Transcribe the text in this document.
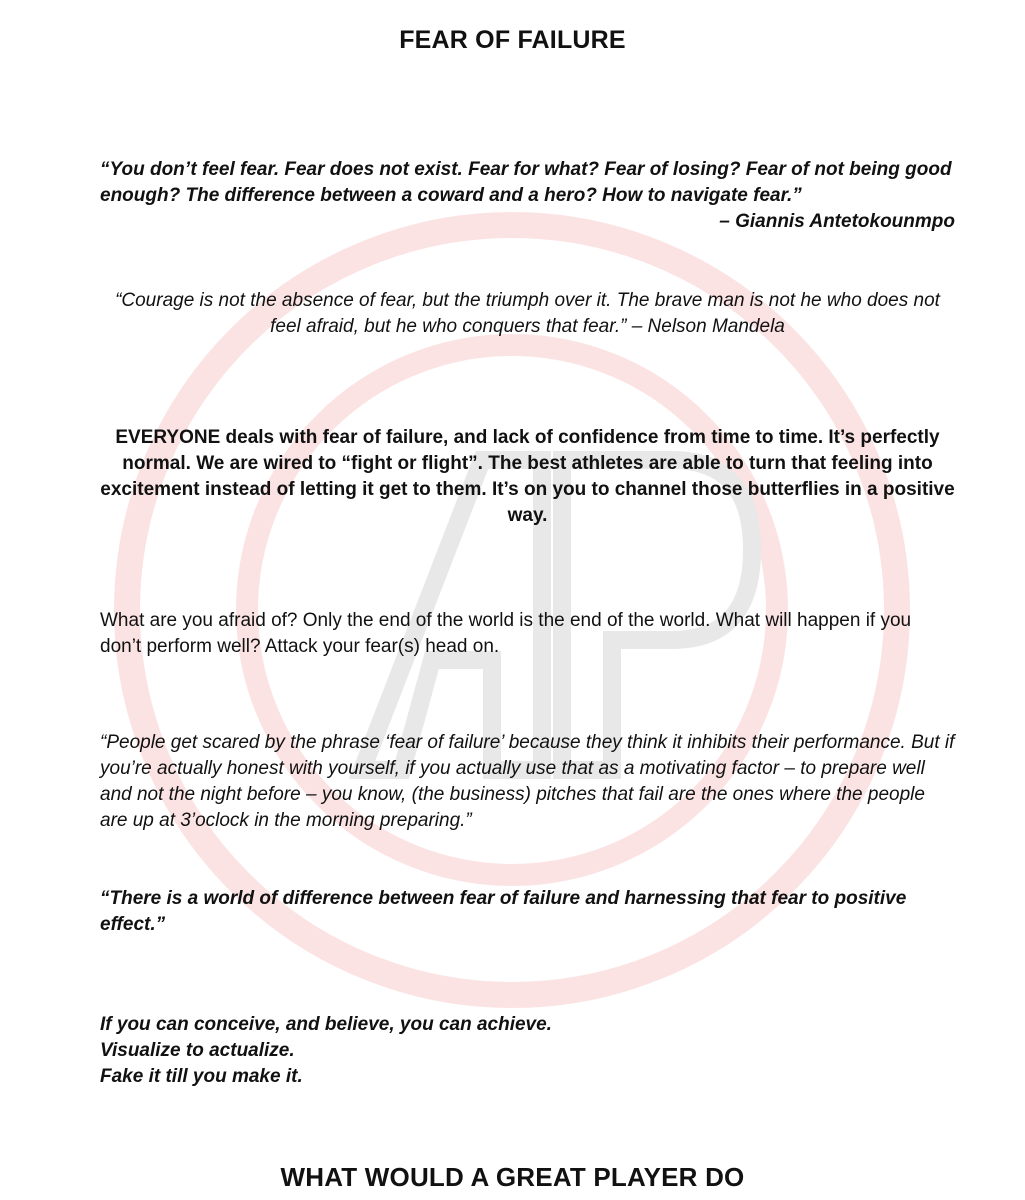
FEAR OF FAILURE
“You don’t feel fear. Fear does not exist. Fear for what? Fear of losing? Fear of not being good enough? The difference between a coward and a hero? How to navigate fear.”
– Giannis Antetokounmpo
“Courage is not the absence of fear, but the triumph over it. The brave man is not he who does not feel afraid, but he who conquers that fear.” – Nelson Mandela
EVERYONE deals with fear of failure, and lack of confidence from time to time. It’s perfectly normal. We are wired to “fight or flight”. The best athletes are able to turn that feeling into excitement instead of letting it get to them. It’s on you to channel those butterflies in a positive way.
What are you afraid of? Only the end of the world is the end of the world. What will happen if you don’t perform well? Attack your fear(s) head on.
“People get scared by the phrase ‘fear of failure’ because they think it inhibits their performance. But if you’re actually honest with yourself, if you actually use that as a motivating factor – to prepare well and not the night before – you know, (the business) pitches that fail are the ones where the people are up at 3’oclock in the morning preparing.”
“There is a world of difference between fear of failure and harnessing that fear to positive effect.”
If you can conceive, and believe, you can achieve.
Visualize to actualize.
Fake it till you make it.
WHAT WOULD A GREAT PLAYER DO
